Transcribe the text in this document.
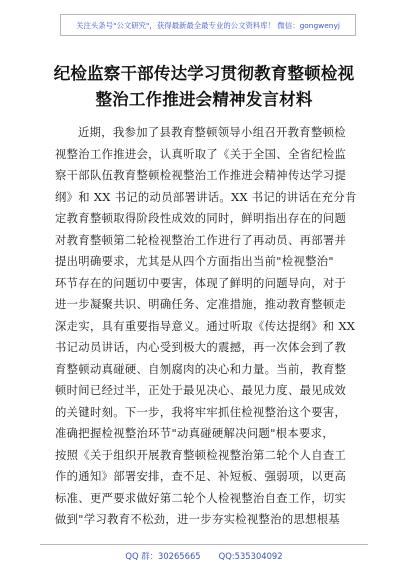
关注头条号"公文研究"，获得最新最全最专业的公文资料库！ 微信：gongwenyj
纪检监察干部传达学习贯彻教育整顿检视
整治工作推进会精神发言材料
近期，我参加了县教育整顿领导小组召开教育整顿检
视整治工作推进会，认真听取了《关于全国、全省纪检监
察干部队伍教育整顿检视整治工作推进会精神传达学习提
纲》和 XX 书记的动员部署讲话。XX 书记的讲话在充分肯
定教育整顿取得阶段性成效的同时，鲜明指出存在的问题
对教育整顿第二轮检视整治工作进行了再动员、再部署并
提出明确要求，尤其是从四个方面指出当前"检视整治"
环节存在的问题切中要害，体现了鲜明的问题导向，对于
进一步凝聚共识、明确任务、定准措施，推动教育整顿走
深走实，具有重要指导意义。通过听取《传达提纲》和 XX
书记动员讲话，内心受到极大的震撼，再一次体会到了教
育整顿动真碰硬、自刎腐肉的决心和力量。当前，教育整
顿时间已经过半，正处于最见决心、最见力度、最见成效
的关键时刻。下一步，我将牢牢抓住检视整治这个要害，
准确把握检视整治环节"动真碰硬解决问题"根本要求，
按照《关于组织开展教育整顿检视整治第二轮个人自查工
作的通知》部署安排，查不足、补短板、强弱项，以更高
标准、更严要求做好第二轮个人检视整治自查工作，切实
做到"学习教育不松劲，进一步夯实检视整治的思想根基
QQ 群：30265665 QQ:535304092
